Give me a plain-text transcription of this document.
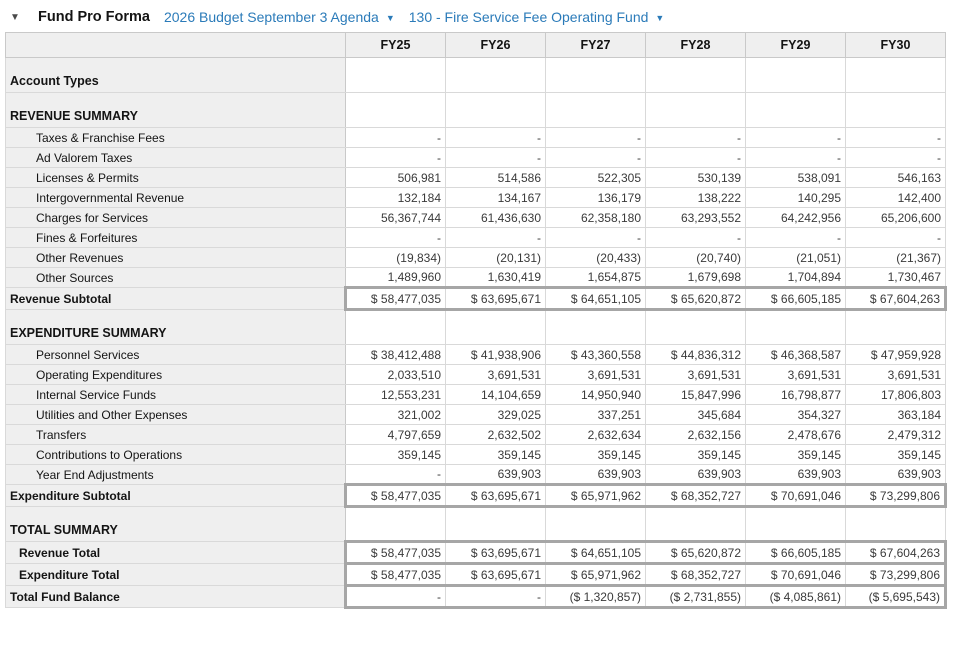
▼ Fund Pro Forma 2026 Budget September 3 Agenda ▼ 130 - Fire Service Fee Operating Fund ▼
	FY25	FY26	FY27	FY28	FY29	FY30
Account Types						
REVENUE SUMMARY						
Taxes & Franchise Fees	-	-	-	-	-	-
Ad Valorem Taxes	-	-	-	-	-	-
Licenses & Permits	506,981	514,586	522,305	530,139	538,091	546,163
Intergovernmental Revenue	132,184	134,167	136,179	138,222	140,295	142,400
Charges for Services	56,367,744	61,436,630	62,358,180	63,293,552	64,242,956	65,206,600
Fines & Forfeitures	-	-	-	-	-	-
Other Revenues	(19,834)	(20,131)	(20,433)	(20,740)	(21,051)	(21,367)
Other Sources	1,489,960	1,630,419	1,654,875	1,679,698	1,704,894	1,730,467
Revenue Subtotal	$ 58,477,035	$ 63,695,671	$ 64,651,105	$ 65,620,872	$ 66,605,185	$ 67,604,263
EXPENDITURE SUMMARY						
Personnel Services	$ 38,412,488	$ 41,938,906	$ 43,360,558	$ 44,836,312	$ 46,368,587	$ 47,959,928
Operating Expenditures	2,033,510	3,691,531	3,691,531	3,691,531	3,691,531	3,691,531
Internal Service Funds	12,553,231	14,104,659	14,950,940	15,847,996	16,798,877	17,806,803
Utilities and Other Expenses	321,002	329,025	337,251	345,684	354,327	363,184
Transfers	4,797,659	2,632,502	2,632,634	2,632,156	2,478,676	2,479,312
Contributions to Operations	359,145	359,145	359,145	359,145	359,145	359,145
Year End Adjustments	-	639,903	639,903	639,903	639,903	639,903
Expenditure Subtotal	$ 58,477,035	$ 63,695,671	$ 65,971,962	$ 68,352,727	$ 70,691,046	$ 73,299,806
TOTAL SUMMARY						
Revenue Total	$ 58,477,035	$ 63,695,671	$ 64,651,105	$ 65,620,872	$ 66,605,185	$ 67,604,263
Expenditure Total	$ 58,477,035	$ 63,695,671	$ 65,971,962	$ 68,352,727	$ 70,691,046	$ 73,299,806
Total Fund Balance	-	-	($ 1,320,857)	($ 2,731,855)	($ 4,085,861)	($ 5,695,543)
